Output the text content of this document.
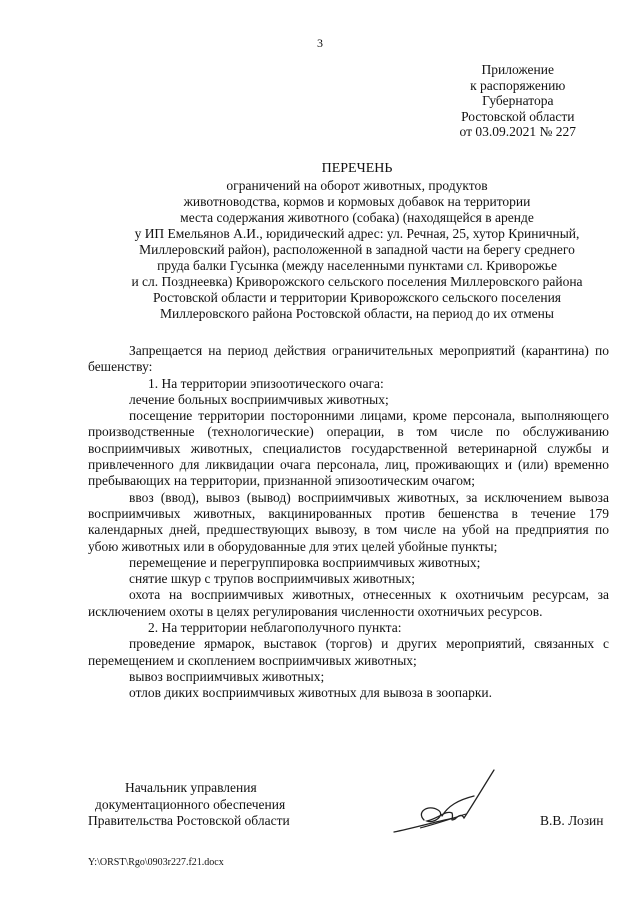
3
Приложение
к распоряжению
Губернатора
Ростовской области
от 03.09.2021 № 227
ПЕРЕЧЕНЬ
ограничений на оборот животных, продуктов
животноводства, кормов и кормовых добавок на территории
места содержания животного (собака) (находящейся в аренде
у ИП Емельянов А.И., юридический адрес: ул. Речная, 25, хутор Криничный,
Миллеровский район), расположенной в западной части на берегу среднего
пруда балки Гусынка (между населенными пунктами сл. Криворожье
и сл. Позднеевка) Криворожского сельского поселения Миллеровского района
Ростовской области и территории Криворожского сельского поселения
Миллеровского района Ростовской области, на период до их отмены
Запрещается на период действия ограничительных мероприятий (карантина) по бешенству:
1. На территории эпизоотического очага:
лечение больных восприимчивых животных;
посещение территории посторонними лицами, кроме персонала, выполняющего производственные (технологические) операции, в том числе по обслуживанию восприимчивых животных, специалистов государственной ветеринарной службы и привлеченного для ликвидации очага персонала, лиц, проживающих и (или) временно пребывающих на территории, признанной эпизоотическим очагом;
ввоз (ввод), вывоз (вывод) восприимчивых животных, за исключением вывоза восприимчивых животных, вакцинированных против бешенства в течение 179 календарных дней, предшествующих вывозу, в том числе на убой на предприятия по убою животных или в оборудованные для этих целей убойные пункты;
перемещение и перегруппировка восприимчивых животных;
снятие шкур с трупов восприимчивых животных;
охота на восприимчивых животных, отнесенных к охотничьим ресурсам, за исключением охоты в целях регулирования численности охотничьих ресурсов.
2. На территории неблагополучного пункта:
проведение ярмарок, выставок (торгов) и других мероприятий, связанных с перемещением и скоплением восприимчивых животных;
вывоз восприимчивых животных;
отлов диких восприимчивых животных для вывоза в зоопарки.
Начальник управления
документационного обеспечения
Правительства Ростовской области	В.В. Лозин
Y:\ORST\Rgo\0903r227.f21.docx
